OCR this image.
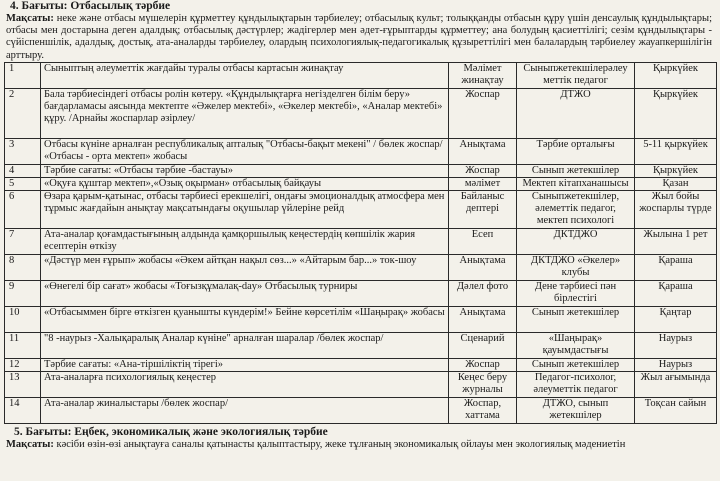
4. Бағыты: Отбасылық тәрбие
Мақсаты: неке және отбасы мүшелерін құрметтеу құндылықтарын тәрбиелеу; отбасылық культ; толыққанды отбасын құру үшін денсаулық құндылықтары; отбасы мен достарына деген адалдық; отбасылық дәстүрлер; жадігерлер мен әдет-ғұрыптарды құрметтеу; ана болудың қасиеттілігі; сезім құндылықтары - сүйіспеншілік, адалдық, достық, ата-аналарды тәрбиелеу, олардың психологиялық-педагогикалық құзыреттілігі мен балалардың тәрбиелеу жауапкершілігін арттыру.
1	Сыныптың әлеуметтік жағдайы туралы отбасы картасын жинақтау	Мәлімет жинақтау	Сыныпжетекшілерәлеу меттік педагог	Қыркүйек
2	Бала тәрбиесіндегі отбасы ролін көтеру. «Құндылықтарға негізделген білім беру» бағдарламасы аясында мектепте «Әжелер мектебі», «Әкелер мектебі», «Аналар мектебі» құру. /Арнайы жоспарлар әзірлеу/	Жоспар	ДТЖО	Қыркүйек
3	Отбасы күніне арналған республикалық апталық "Отбасы-бақыт мекені" / бөлек жоспар/ «Отбасы - орта мектеп» жобасы	Анықтама	Тәрбие орталығы	5-11 қыркүйек
4	Тәрбие сағаты: «Отбасы тәрбие -бастауы»	Жоспар	Сынып жетекшілер	Қыркүйек
5	«Оқуға құштар мектеп»,«Озық оқырман» отбасылық байқауы	мәлімет	Мектеп кітапханашысы	Қазан
6	Өзара қарым-қатынас, отбасы тәрбиесі ерекшелігі, ондағы эмоционалдық атмосфера мен тұрмыс жағдайын анықтау мақсатындағы оқушылар үйлеріне рейд	Байланыс дептері	Сыныпжетекшілер, әлеметтік педагог, мектеп психологі	Жыл бойы жоспарлы түрде
7	Ата-аналар қоғамдастығының алдында қамқоршылық кеңестердің көпшілік жария есептерін өткізу	Есеп	ДКТДЖО	Жылына 1 рет
8	«Дәстүр мен ғұрып» жобасы «Әкем айтқан нақыл сөз...» «Айтарым бар...» ток-шоу	Анықтама	ДКТДЖО «Әкелер» клубы	Қараша
9	«Өнегелі бір сағат» жобасы «Тоғызқұмалақ-day» Отбасылық турниры	Дәлел фото	Дене тәрбиесі пән бірлестігі	Қараша
10	«Отбасыммен бірге өткізген қуанышты күндерім!» Бейне көрсетілім «Шаңырақ» жобасы	Анықтама	Сынып жетекшілер	Қаңтар
11	"8 -наурыз -Халықаралық Аналар күніне" арналған шаралар /бөлек жоспар/	Сценарий	«Шаңырақ» қауымдастығы	Наурыз
12	Тәрбие сағаты: «Ана-тіршіліктің тірегі»	Жоспар	Сынып жетекшілер	Наурыз
13	Ата-аналарға психологиялық кеңестер	Кеңес беру журналы	Педагог-психолог, әлеуметтік педагог	Жыл ағымында
14	Ата-аналар жиналыстары /бөлек жоспар/	Жоспар, хаттама	ДТЖО, сынып жетекшілер	Тоқсан сайын
5. Бағыты: Еңбек, экономикалық және экологиялық тәрбие
Мақсаты: кәсіби өзін-өзі анықтауға саналы қатынасты қалыптастыру, жеке тұлғаның экономикалық ойлауы мен экологиялық мәдениетін
